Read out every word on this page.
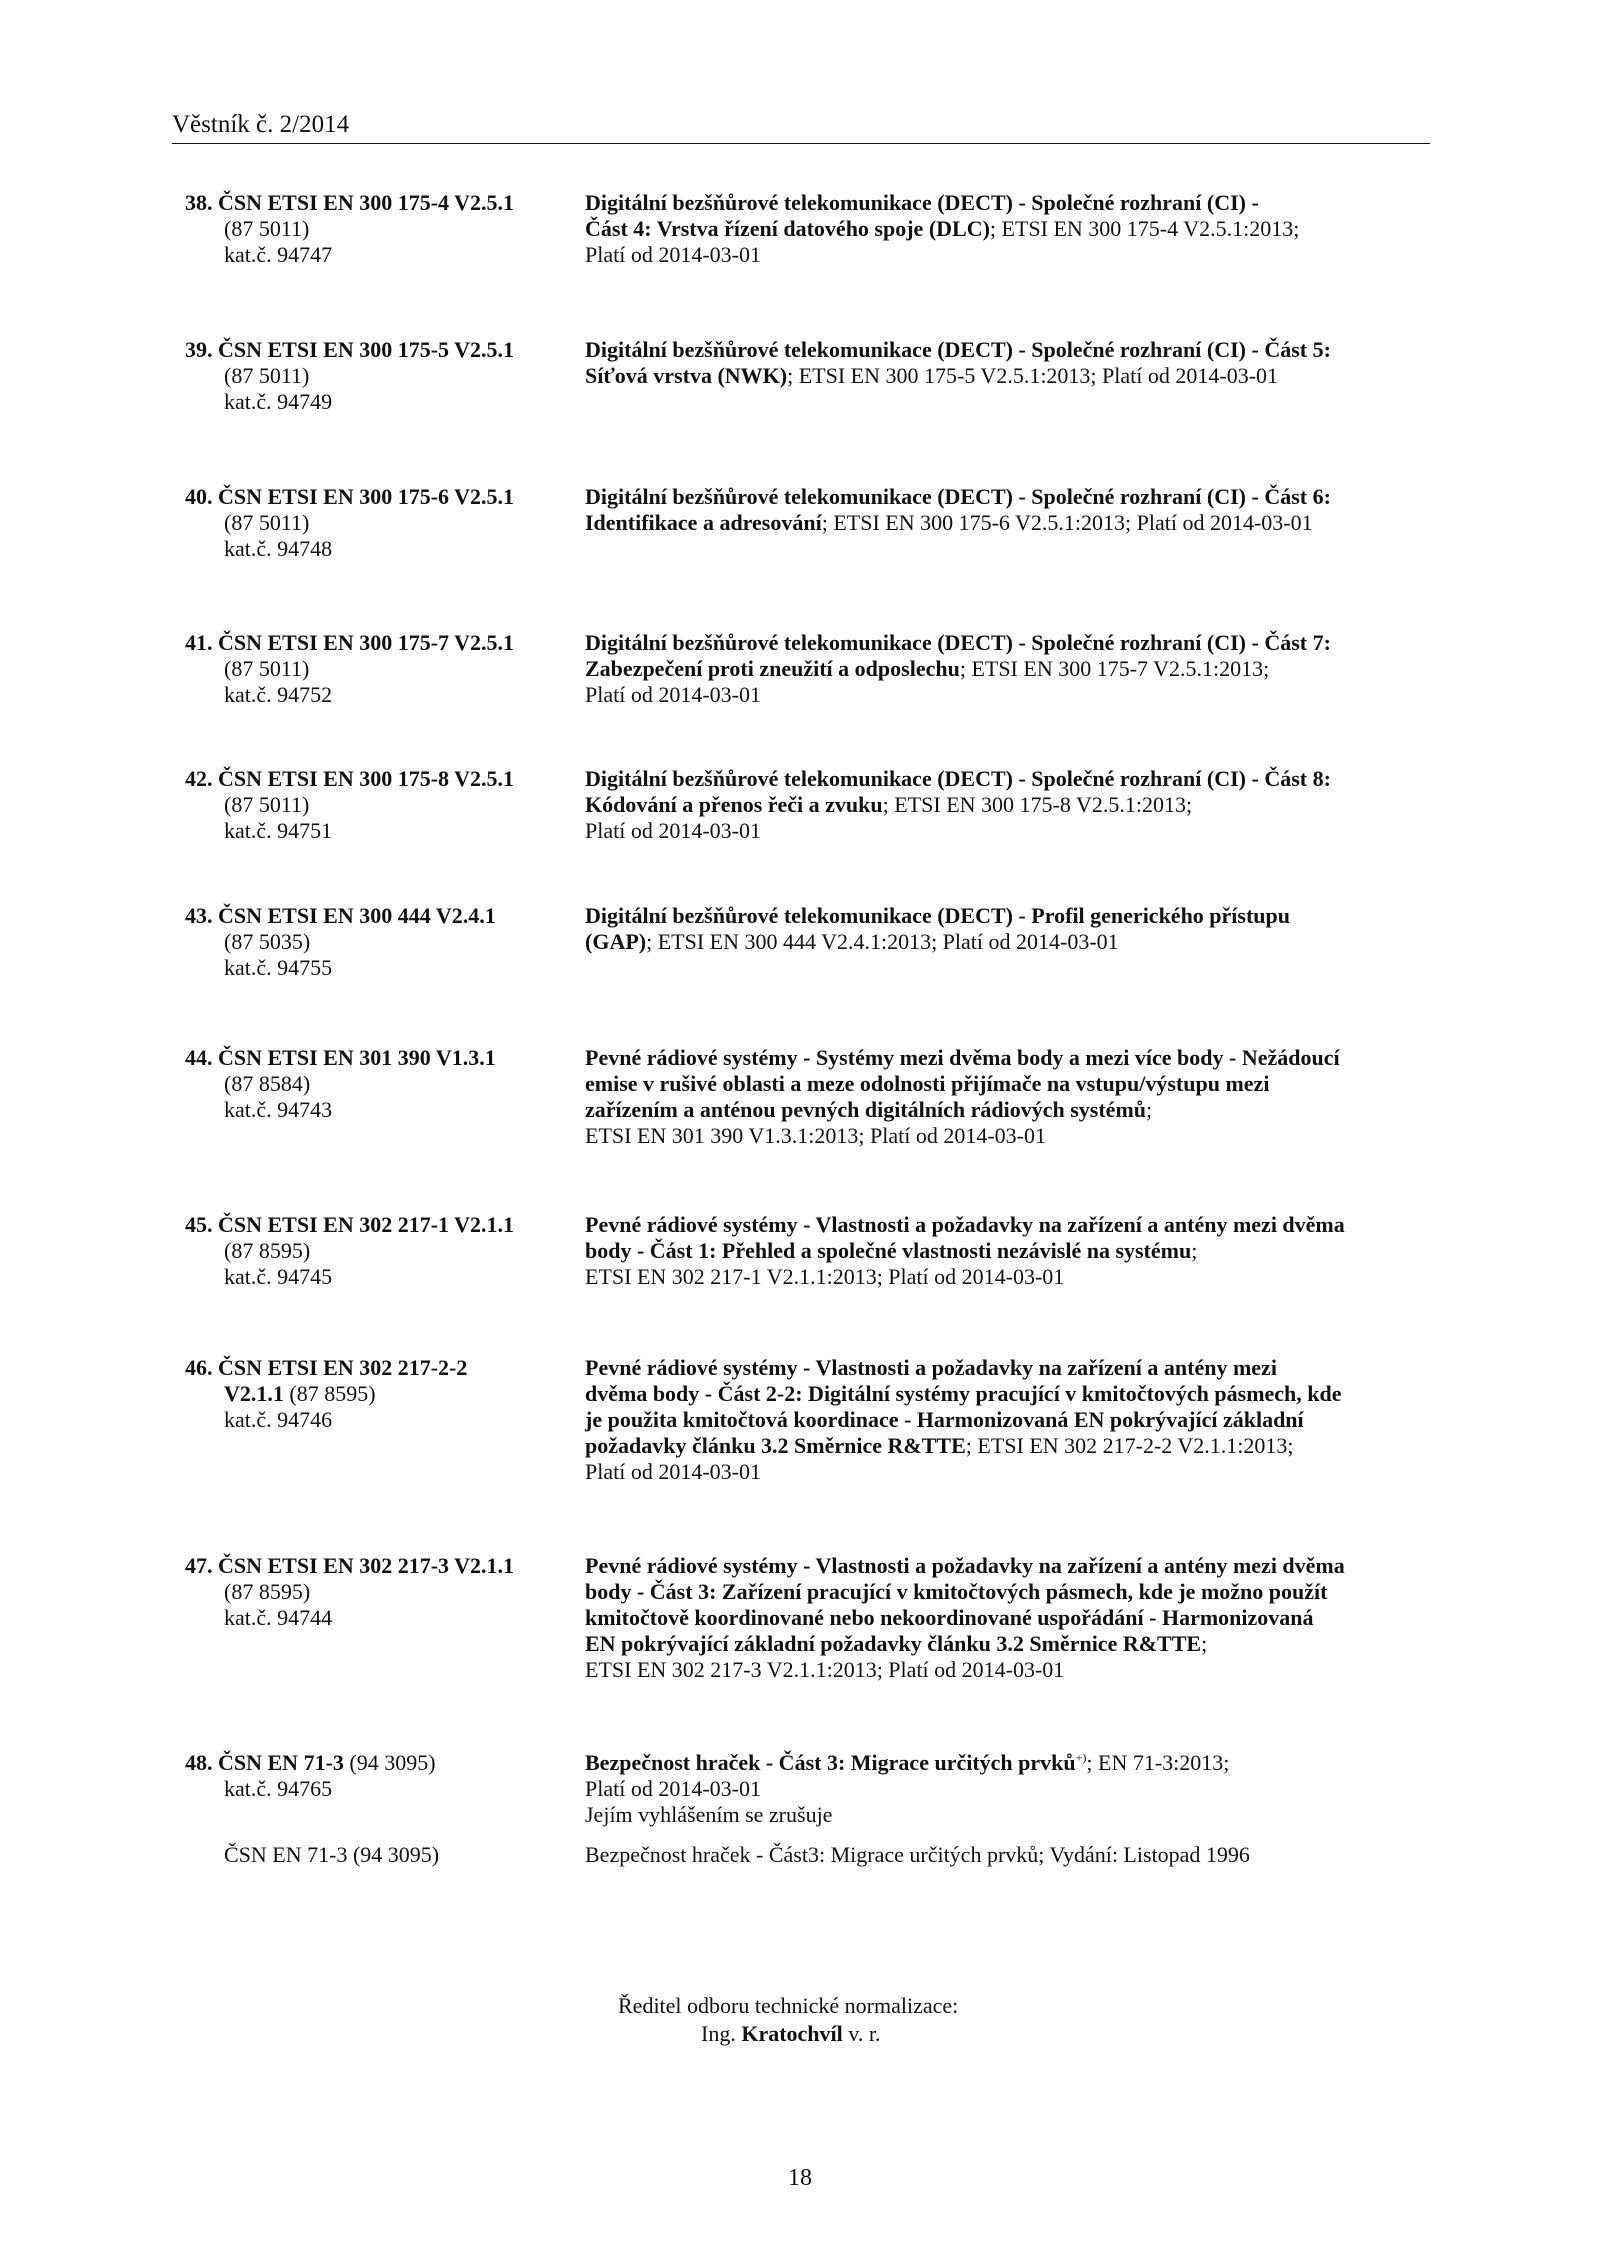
Věstník č. 2/2014
38. ČSN ETSI EN 300 175-4 V2.5.1
(87 5011)
kat.č. 94747
Digitální bezšňůrové telekomunikace (DECT) - Společné rozhraní (CI) -
Část 4: Vrstva řízení datového spoje (DLC); ETSI EN 300 175-4 V2.5.1:2013;
Platí od 2014-03-01
39. ČSN ETSI EN 300 175-5 V2.5.1
(87 5011)
kat.č. 94749
Digitální bezšňůrové telekomunikace (DECT) - Společné rozhraní (CI) - Část 5:
Síťová vrstva (NWK); ETSI EN 300 175-5 V2.5.1:2013; Platí od 2014-03-01
40. ČSN ETSI EN 300 175-6 V2.5.1
(87 5011)
kat.č. 94748
Digitální bezšňůrové telekomunikace (DECT) - Společné rozhraní (CI) - Část 6:
Identifikace a adresování; ETSI EN 300 175-6 V2.5.1:2013; Platí od 2014-03-01
41. ČSN ETSI EN 300 175-7 V2.5.1
(87 5011)
kat.č. 94752
Digitální bezšňůrové telekomunikace (DECT) - Společné rozhraní (CI) - Část 7:
Zabezpečení proti zneužití a odposlechu; ETSI EN 300 175-7 V2.5.1:2013;
Platí od 2014-03-01
42. ČSN ETSI EN 300 175-8 V2.5.1
(87 5011)
kat.č. 94751
Digitální bezšňůrové telekomunikace (DECT) - Společné rozhraní (CI) - Část 8:
Kódování a přenos řeči a zvuku; ETSI EN 300 175-8 V2.5.1:2013;
Platí od 2014-03-01
43. ČSN ETSI EN 300 444 V2.4.1
(87 5035)
kat.č. 94755
Digitální bezšňůrové telekomunikace (DECT) - Profil generického přístupu
(GAP); ETSI EN 300 444 V2.4.1:2013; Platí od 2014-03-01
44. ČSN ETSI EN 301 390 V1.3.1
(87 8584)
kat.č. 94743
Pevné rádiové systémy - Systémy mezi dvěma body a mezi více body - Nežádoucí
emise v rušivé oblasti a meze odolnosti přijímače na vstupu/výstupu mezi
zařízením a anténou pevných digitálních rádiových systémů;
ETSI EN 301 390 V1.3.1:2013; Platí od 2014-03-01
45. ČSN ETSI EN 302 217-1 V2.1.1
(87 8595)
kat.č. 94745
Pevné rádiové systémy - Vlastnosti a požadavky na zařízení a antény mezi dvěma
body - Část 1: Přehled a společné vlastnosti nezávislé na systému;
ETSI EN 302 217-1 V2.1.1:2013; Platí od 2014-03-01
46. ČSN ETSI EN 302 217-2-2
V2.1.1 (87 8595)
kat.č. 94746
Pevné rádiové systémy - Vlastnosti a požadavky na zařízení a antény mezi
dvěma body - Část 2-2: Digitální systémy pracující v kmitočtových pásmech, kde
je použita kmitočtová koordinace - Harmonizovaná EN pokrývající základní
požadavky článku 3.2 Směrnice R&TTE; ETSI EN 302 217-2-2 V2.1.1:2013;
Platí od 2014-03-01
47. ČSN ETSI EN 302 217-3 V2.1.1
(87 8595)
kat.č. 94744
Pevné rádiové systémy - Vlastnosti a požadavky na zařízení a antény mezi dvěma
body - Část 3: Zařízení pracující v kmitočtových pásmech, kde je možno použít
kmitočtově koordinované nebo nekoordinované uspořádání - Harmonizovaná
EN pokrývající základní požadavky článku 3.2 Směrnice R&TTE;
ETSI EN 302 217-3 V2.1.1:2013; Platí od 2014-03-01
48. ČSN EN 71-3 (94 3095)
kat.č. 94765
Bezpečnost hraček - Část 3: Migrace určitých prvků+); EN 71-3:2013;
Platí od 2014-03-01
Jejím vyhlášením se zrušuje
ČSN EN 71-3 (94 3095)	Bezpečnost hraček - Část3: Migrace určitých prvků; Vydání: Listopad 1996
Ředitel odboru technické normalizace:
Ing. Kratochvíl v. r.
18
